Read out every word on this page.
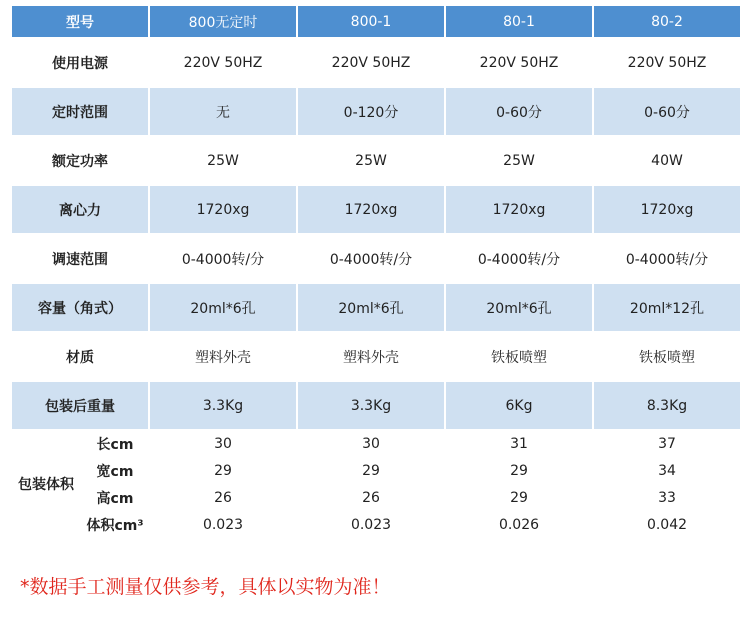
型号		800无定时	800-1	80-1	80-2
使用电源		220V 50HZ	220V 50HZ	220V 50HZ	220V 50HZ
定时范围		无	0-120分	0-60分	0-60分
额定功率		25W	25W	25W	40W
离心力		1720xg	1720xg	1720xg	1720xg
调速范围		0-4000转/分	0-4000转/分	0-4000转/分	0-4000转/分
容量（角式）		20ml*6孔	20ml*6孔	20ml*6孔	20ml*12孔
材质		塑料外壳	塑料外壳	铁板喷塑	铁板喷塑
包装后重量		3.3Kg	3.3Kg	6Kg	8.3Kg
包装体积	长cm	30	30	31	37
	宽cm	29	29	29	34
	高cm	26	26	29	33
	体积cm³	0.023	0.023	0.026	0.042
*数据手工测量仅供参考，具体以实物为准！
